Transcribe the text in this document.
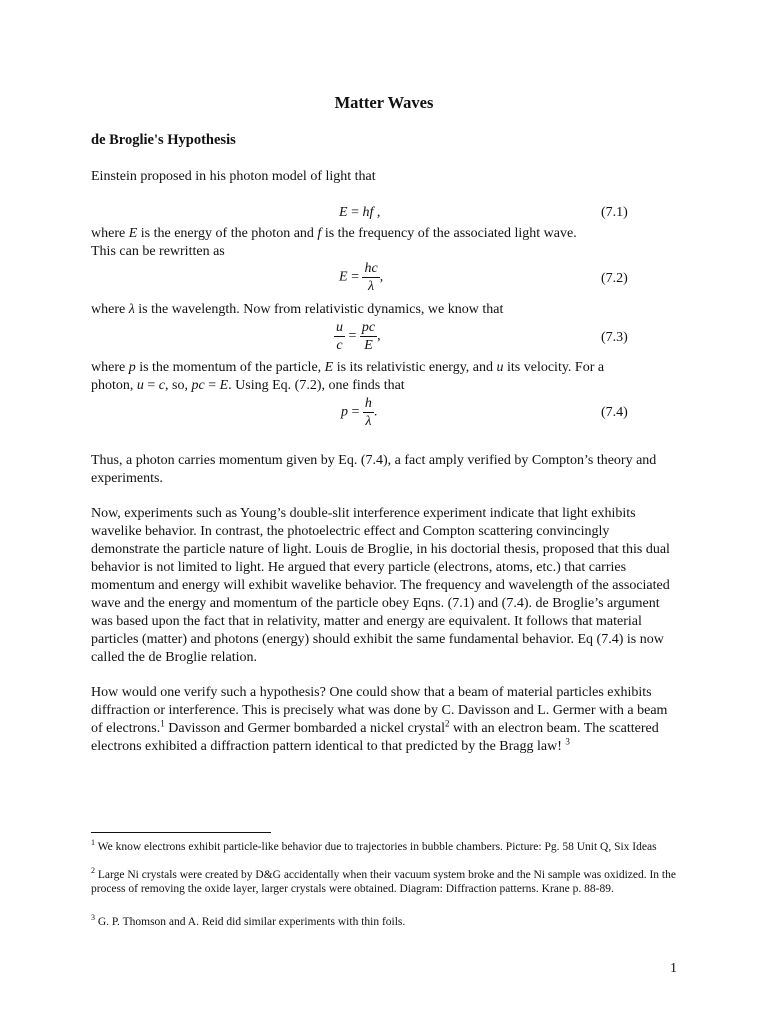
Matter Waves
de Broglie's Hypothesis

Einstein proposed in his photon model of light that

E = hf ,	(7.1)

where E is the energy of the photon and f is the frequency of the associated light wave.
This can be rewritten as

$E = \frac{hc}{\lambda}$ ,	(7.2)

where λ is the wavelength. Now from relativistic dynamics, we know that

$\frac{u}{c} = \frac{pc}{E}$ ,	(7.3)

where p is the momentum of the particle, E is its relativistic energy, and u its velocity. For a
photon, u = c, so, pc = E. Using Eq. (7.2), one finds that

$p = \frac{h}{\lambda}$ .	(7.4)

Thus, a photon carries momentum given by Eq. (7.4), a fact amply verified by Compton’s theory and experiments.

Now, experiments such as Young’s double-slit interference experiment indicate that light exhibits wavelike behavior. In contrast, the photoelectric effect and Compton scattering convincingly demonstrate the particle nature of light. Louis de Broglie, in his doctorial thesis, proposed that this dual behavior is not limited to light. He argued that every particle (electrons, atoms, etc.) that carries momentum and energy will exhibit wavelike behavior. The frequency and wavelength of the associated wave and the energy and momentum of the particle obey Eqns. (7.1) and (7.4). de Broglie’s argument was based upon the fact that in relativity, matter and energy are equivalent. It follows that material particles (matter) and photons (energy) should exhibit the same fundamental behavior. Eq (7.4) is now called the de Broglie relation.

How would one verify such a hypothesis? One could show that a beam of material particles exhibits diffraction or interference. This is precisely what was done by C. Davisson and L. Germer with a beam of electrons.$^1$ Davisson and Germer bombarded a nickel crystal$^2$ with an electron beam. The scattered electrons exhibited a diffraction pattern identical to that predicted by the Bragg law! $^3$

$^1$ We know electrons exhibit particle-like behavior due to trajectories in bubble chambers. Picture: Pg. 58 Unit Q, Six Ideas

$^2$ Large Ni crystals were created by D&G accidentally when their vacuum system broke and the Ni sample was oxidized. In the process of removing the oxide layer, larger crystals were obtained. Diagram: Diffraction patterns. Krane p. 88-89.

$^3$ G. P. Thomson and A. Reid did similar experiments with thin foils.

1
